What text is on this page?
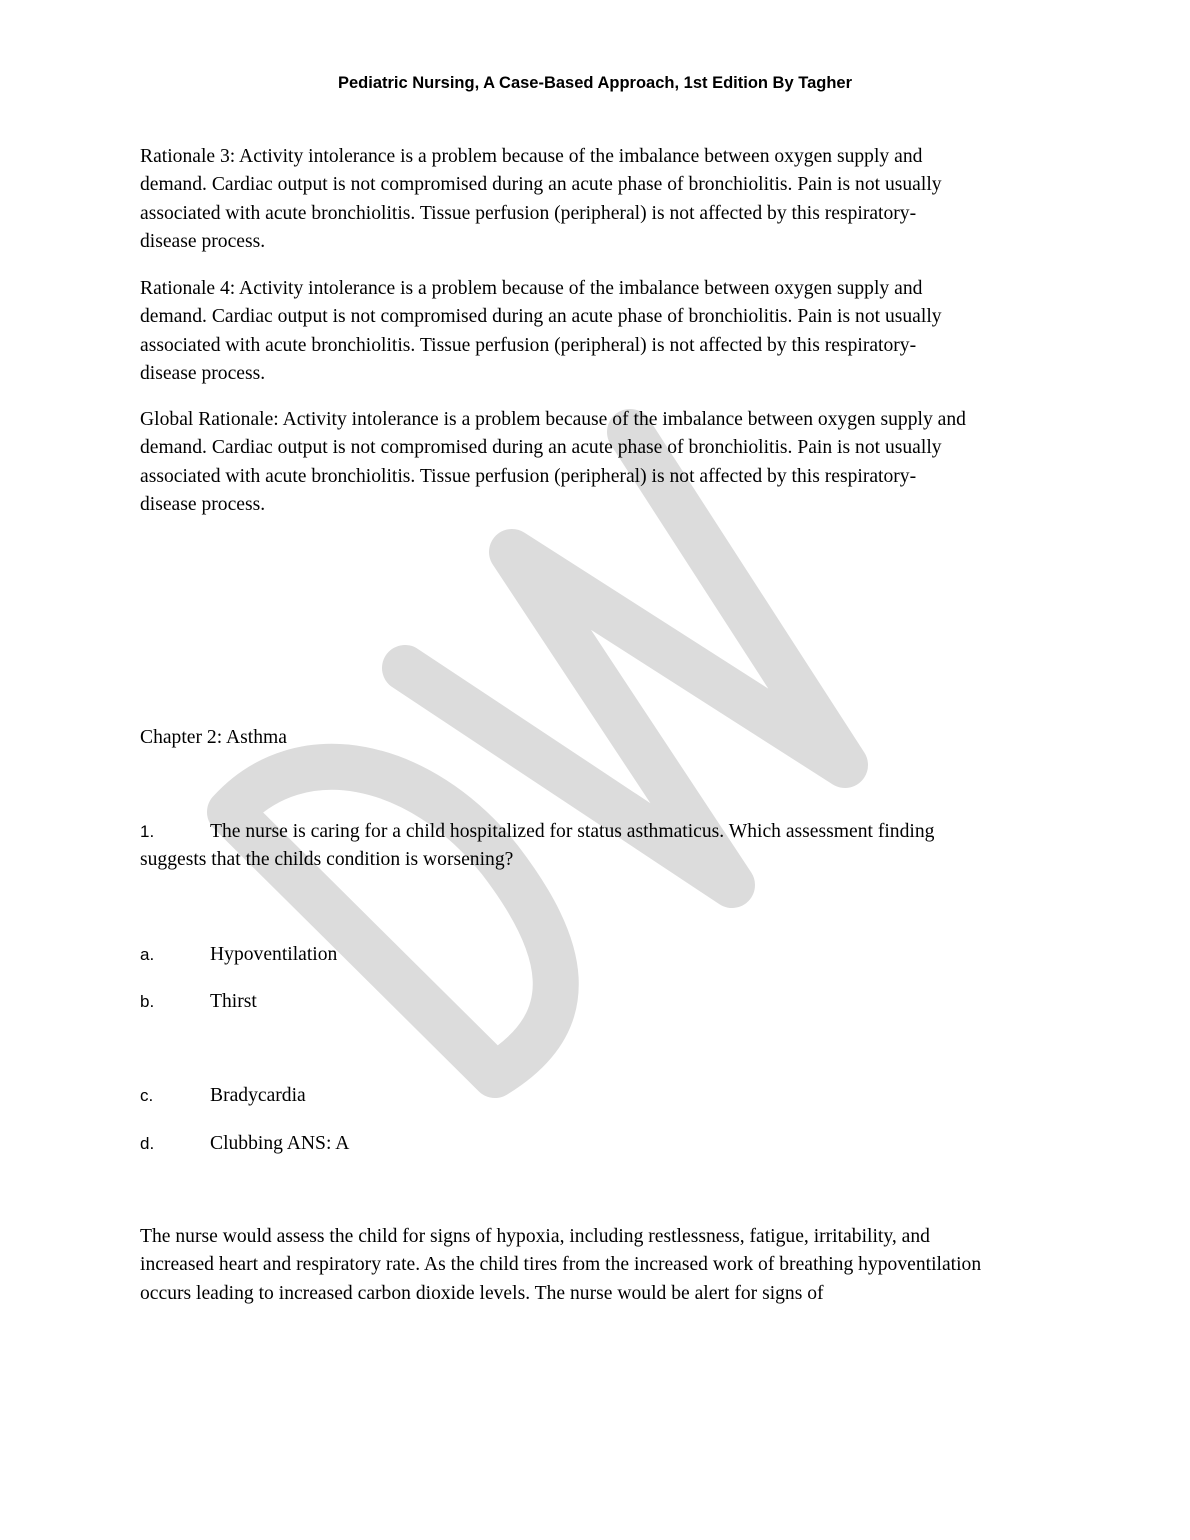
Pediatric Nursing, A Case-Based Approach, 1st Edition By Tagher
Rationale 3: Activity intolerance is a problem because of the imbalance between oxygen supply and
demand. Cardiac output is not compromised during an acute phase of bronchiolitis. Pain is not usually
associated with acute bronchiolitis. Tissue perfusion (peripheral) is not affected by this respiratory-
disease process.
Rationale 4: Activity intolerance is a problem because of the imbalance between oxygen supply and
demand. Cardiac output is not compromised during an acute phase of bronchiolitis. Pain is not usually
associated with acute bronchiolitis. Tissue perfusion (peripheral) is not affected by this respiratory-
disease process.
Global Rationale: Activity intolerance is a problem because of the imbalance between oxygen supply and
demand. Cardiac output is not compromised during an acute phase of bronchiolitis. Pain is not usually
associated with acute bronchiolitis. Tissue perfusion (peripheral) is not affected by this respiratory-
disease process.
Chapter 2: Asthma
1.	The nurse is caring for a child hospitalized for status asthmaticus. Which assessment finding
suggests that the childs condition is worsening?
a.	Hypoventilation
b.	Thirst
c.	Bradycardia
d.	Clubbing ANS: A
The nurse would assess the child for signs of hypoxia, including restlessness, fatigue, irritability, and
increased heart and respiratory rate. As the child tires from the increased work of breathing hypoventilation
occurs leading to increased carbon dioxide levels. The nurse would be alert for signs of
